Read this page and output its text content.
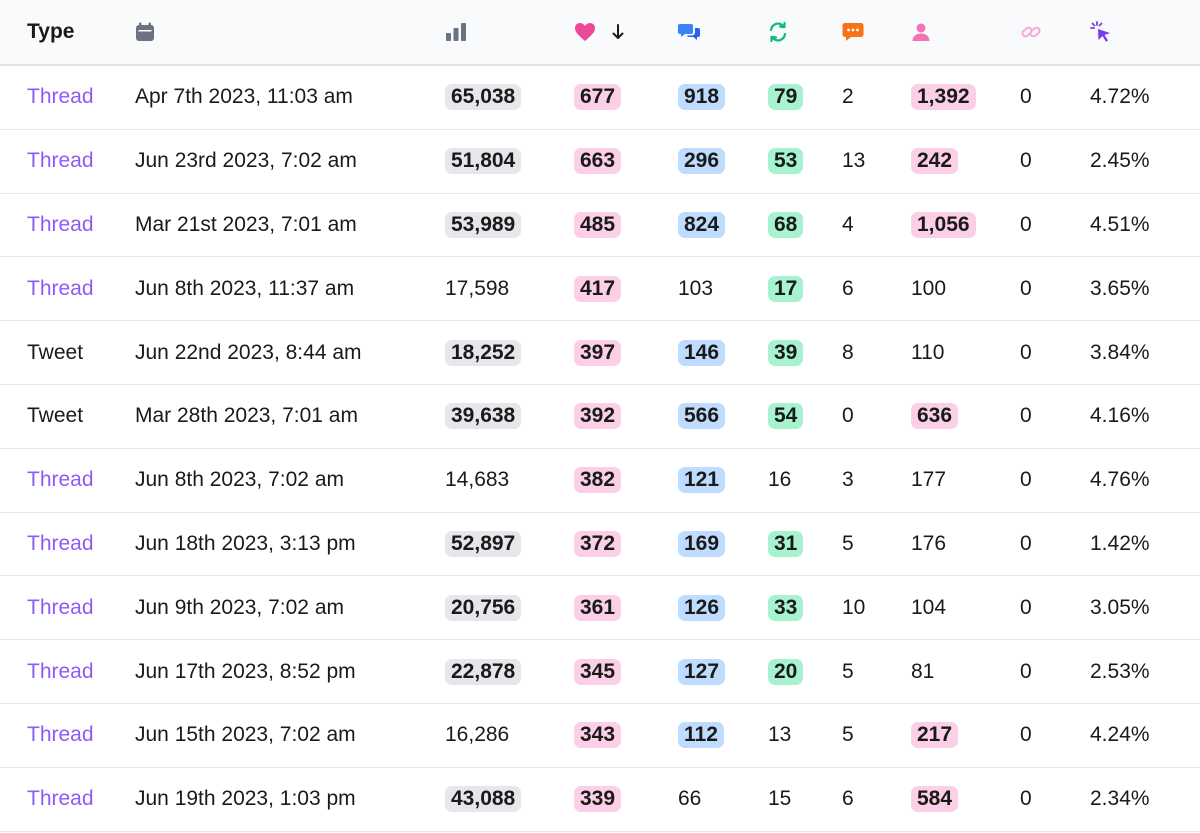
Type

Thread	Apr 7th 2023, 11:03 am	65,038	677	918	79	2	1,392	0	4.72%
Thread	Jun 23rd 2023, 7:02 am	51,804	663	296	53	13	242	0	2.45%
Thread	Mar 21st 2023, 7:01 am	53,989	485	824	68	4	1,056	0	4.51%
Thread	Jun 8th 2023, 11:37 am	17,598	417	103	17	6	100	0	3.65%
Tweet	Jun 22nd 2023, 8:44 am	18,252	397	146	39	8	110	0	3.84%
Tweet	Mar 28th 2023, 7:01 am	39,638	392	566	54	0	636	0	4.16%
Thread	Jun 8th 2023, 7:02 am	14,683	382	121	16	3	177	0	4.76%
Thread	Jun 18th 2023, 3:13 pm	52,897	372	169	31	5	176	0	1.42%
Thread	Jun 9th 2023, 7:02 am	20,756	361	126	33	10	104	0	3.05%
Thread	Jun 17th 2023, 8:52 pm	22,878	345	127	20	5	81	0	2.53%
Thread	Jun 15th 2023, 7:02 am	16,286	343	112	13	5	217	0	4.24%
Thread	Jun 19th 2023, 1:03 pm	43,088	339	66	15	6	584	0	2.34%
